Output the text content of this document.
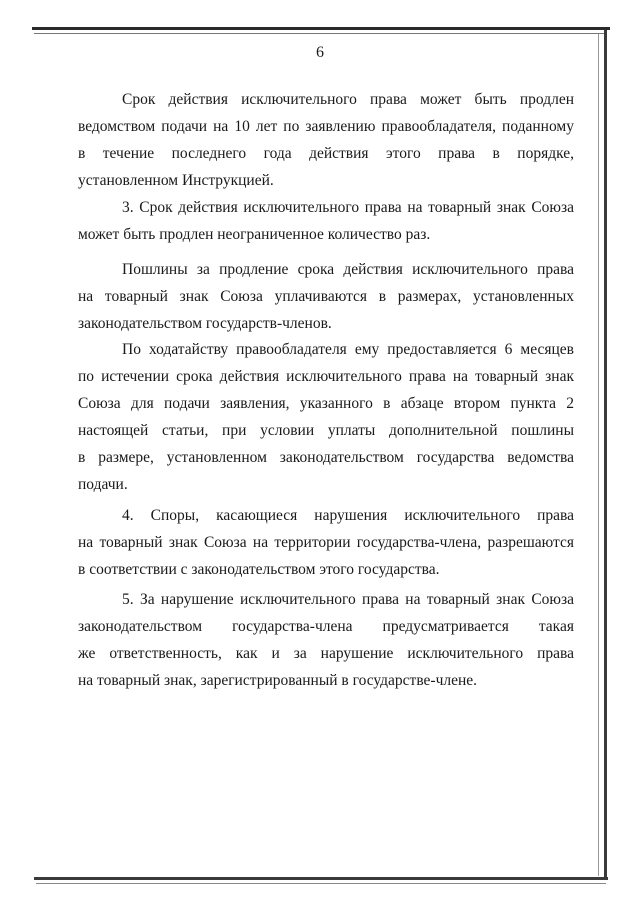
6
Срок действия исключительного права может быть продлен
ведомством подачи на 10 лет по заявлению правообладателя, поданному
в течение последнего года действия этого права в порядке,
установленном Инструкцией.
3. Срок действия исключительного права на товарный знак Союза
может быть продлен неограниченное количество раз.
Пошлины за продление срока действия исключительного права
на товарный знак Союза уплачиваются в размерах, установленных
законодательством государств-членов.
По ходатайству правообладателя ему предоставляется 6 месяцев
по истечении срока действия исключительного права на товарный знак
Союза для подачи заявления, указанного в абзаце втором пункта 2
настоящей статьи, при условии уплаты дополнительной пошлины
в размере, установленном законодательством государства ведомства
подачи.
4. Споры, касающиеся нарушения исключительного права
на товарный знак Союза на территории государства-члена, разрешаются
в соответствии с законодательством этого государства.
5. За нарушение исключительного права на товарный знак Союза
законодательством государства-члена предусматривается такая
же ответственность, как и за нарушение исключительного права
на товарный знак, зарегистрированный в государстве-члене.
